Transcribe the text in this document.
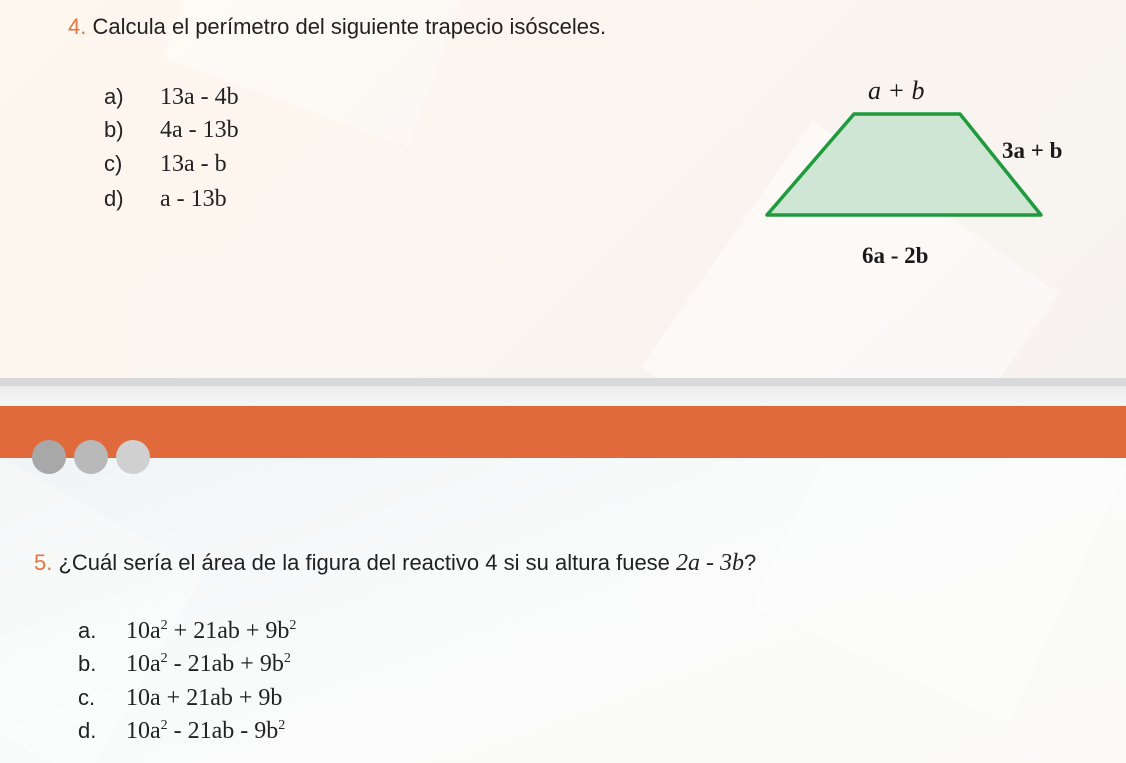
4. Calcula el perímetro del siguiente trapecio isósceles.
a)	13a - 4b
b)	4a - 13b
c)	13a - b
d)	a - 13b
a + b
3a + b
6a - 2b
5. ¿Cuál sería el área de la figura del reactivo 4 si su altura fuese 2a - 3b?
a.	$10a^2 + 21ab + 9b^2$
b.	$10a^2 - 21ab + 9b^2$
c.	10a + 21ab + 9b
d.	$10a^2 - 21ab - 9b^2$
